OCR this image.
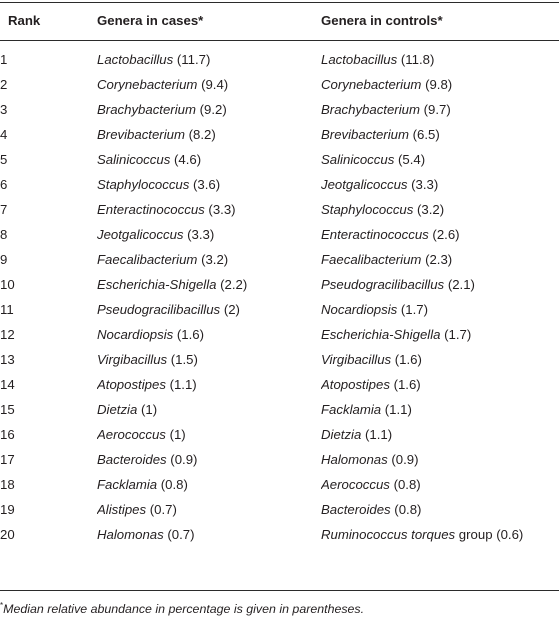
Rank	Genera in cases*	Genera in controls*
1	Lactobacillus (11.7)	Lactobacillus (11.8)
2	Corynebacterium (9.4)	Corynebacterium (9.8)
3	Brachybacterium (9.2)	Brachybacterium (9.7)
4	Brevibacterium (8.2)	Brevibacterium (6.5)
5	Salinicoccus (4.6)	Salinicoccus (5.4)
6	Staphylococcus (3.6)	Jeotgalicoccus (3.3)
7	Enteractinococcus (3.3)	Staphylococcus (3.2)
8	Jeotgalicoccus (3.3)	Enteractinococcus (2.6)
9	Faecalibacterium (3.2)	Faecalibacterium (2.3)
10	Escherichia-Shigella (2.2)	Pseudogracilibacillus (2.1)
11	Pseudogracilibacillus (2)	Nocardiopsis (1.7)
12	Nocardiopsis (1.6)	Escherichia-Shigella (1.7)
13	Virgibacillus (1.5)	Virgibacillus (1.6)
14	Atopostipes (1.1)	Atopostipes (1.6)
15	Dietzia (1)	Facklamia (1.1)
16	Aerococcus (1)	Dietzia (1.1)
17	Bacteroides (0.9)	Halomonas (0.9)
18	Facklamia (0.8)	Aerococcus (0.8)
19	Alistipes (0.7)	Bacteroides (0.8)
20	Halomonas (0.7)	Ruminococcus torques group (0.6)
*Median relative abundance in percentage is given in parentheses.
